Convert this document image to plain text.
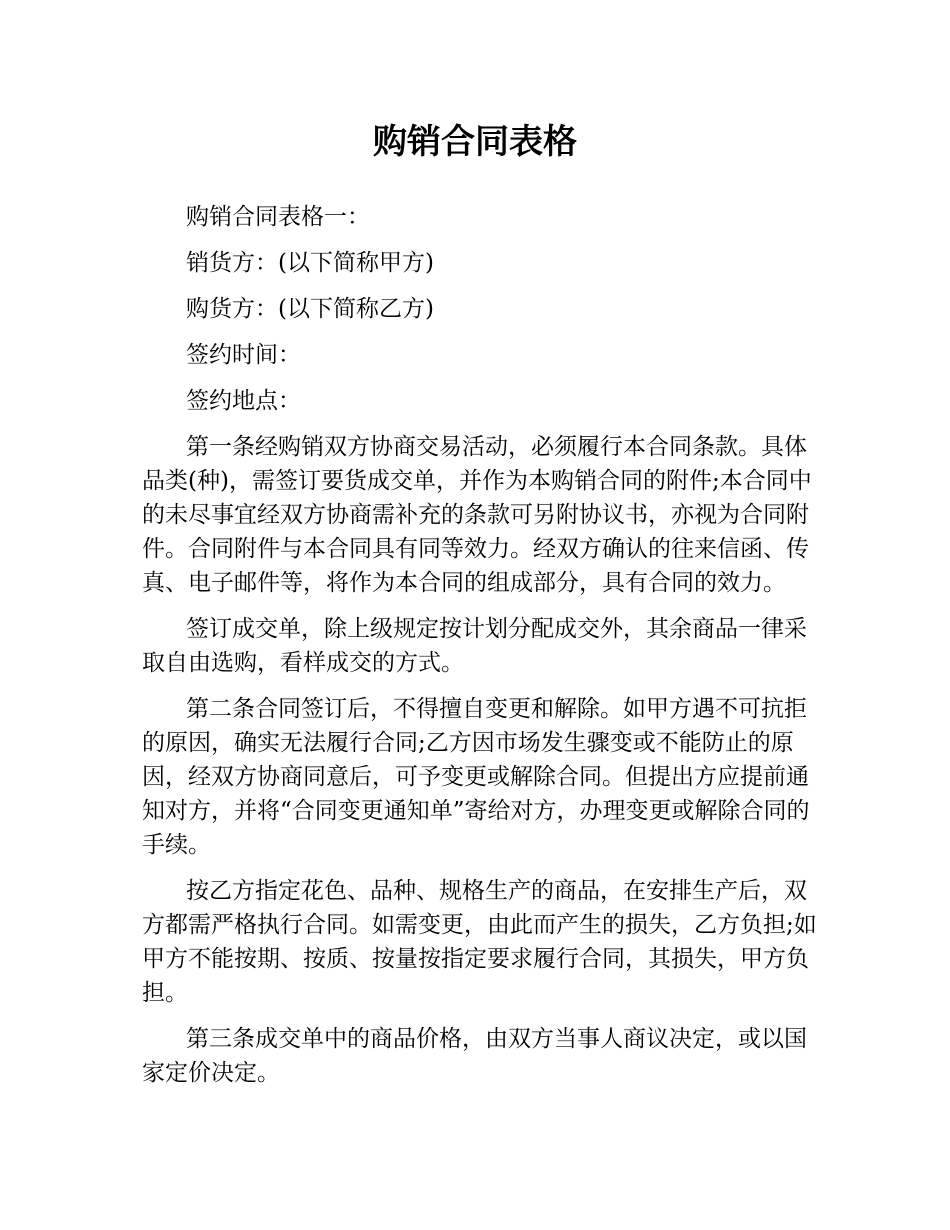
购销合同表格

购销合同表格一：

销货方：(以下简称甲方)

购货方：(以下简称乙方)

签约时间：

签约地点：

第一条经购销双方协商交易活动，必须履行本合同条款。具体品类(种)，需签订要货成交单，并作为本购销合同的附件;本合同中的未尽事宜经双方协商需补充的条款可另附协议书，亦视为合同附件。合同附件与本合同具有同等效力。经双方确认的往来信函、传真、电子邮件等，将作为本合同的组成部分，具有合同的效力。

签订成交单，除上级规定按计划分配成交外，其余商品一律采取自由选购，看样成交的方式。

第二条合同签订后，不得擅自变更和解除。如甲方遇不可抗拒的原因，确实无法履行合同;乙方因市场发生骤变或不能防止的原因，经双方协商同意后，可予变更或解除合同。但提出方应提前通知对方，并将“合同变更通知单”寄给对方，办理变更或解除合同的手续。

按乙方指定花色、品种、规格生产的商品，在安排生产后，双方都需严格执行合同。如需变更，由此而产生的损失，乙方负担;如甲方不能按期、按质、按量按指定要求履行合同，其损失，甲方负担。

第三条成交单中的商品价格，由双方当事人商议决定，或以国家定价决定。
